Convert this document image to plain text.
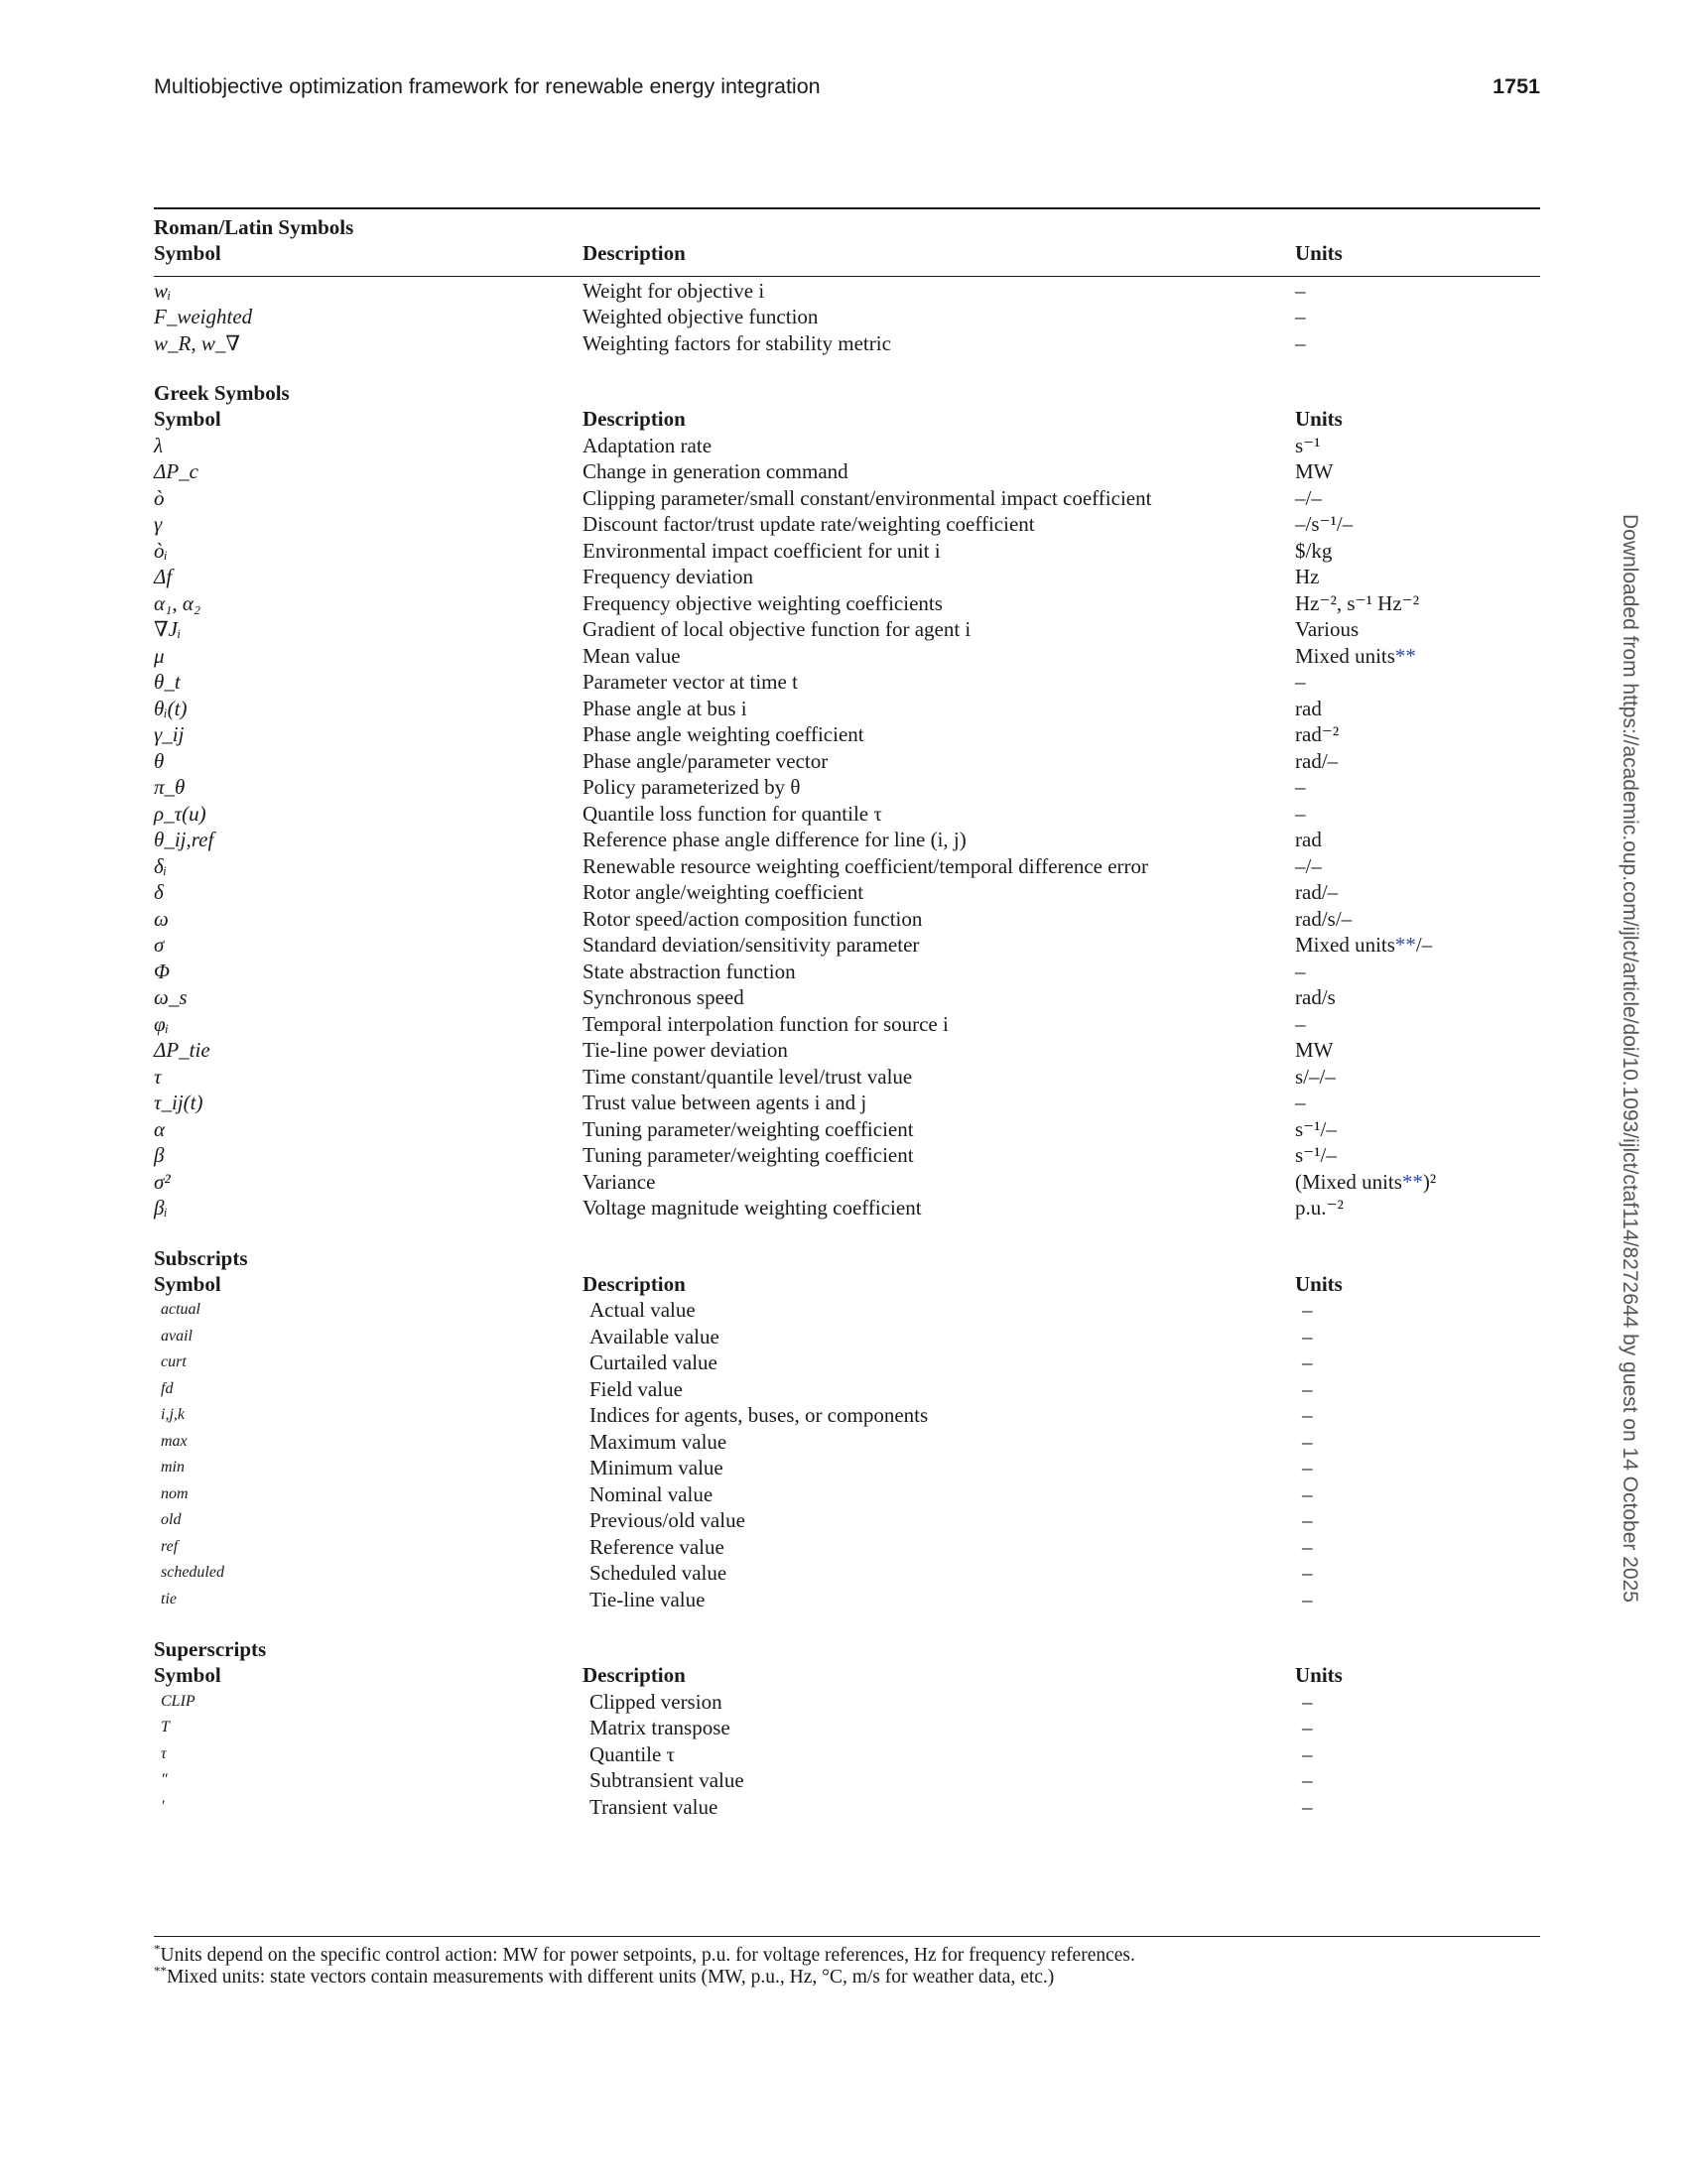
Multiobjective optimization framework for renewable energy integration	1751
Downloaded from https://academic.oup.com/ijlct/article/doi/10.1093/ijlct/ctaf114/8272644 by guest on 14 October 2025
Roman/Latin Symbols
Symbol	Description	Units
wᵢ	Weight for objective i	–
F_weighted	Weighted objective function	–
w_R, w_∇	Weighting factors for stability metric	–
Greek Symbols
Symbol	Description	Units
λ	Adaptation rate	s⁻¹
ΔP_c	Change in generation command	MW
ò	Clipping parameter/small constant/environmental impact coefficient	–/–
γ	Discount factor/trust update rate/weighting coefficient	–/s⁻¹/–
òᵢ	Environmental impact coefficient for unit i	$/kg
Δf	Frequency deviation	Hz
α₁, α₂	Frequency objective weighting coefficients	Hz⁻², s⁻¹ Hz⁻²
∇Jᵢ	Gradient of local objective function for agent i	Various
μ	Mean value	Mixed units**
θ_t	Parameter vector at time t	–
θᵢ(t)	Phase angle at bus i	rad
γ_ij	Phase angle weighting coefficient	rad⁻²
θ	Phase angle/parameter vector	rad/–
π_θ	Policy parameterized by θ	–
ρ_τ(u)	Quantile loss function for quantile τ	–
θ_ij,ref	Reference phase angle difference for line (i, j)	rad
δᵢ	Renewable resource weighting coefficient/temporal difference error	–/–
δ	Rotor angle/weighting coefficient	rad/–
ω	Rotor speed/action composition function	rad/s/–
σ	Standard deviation/sensitivity parameter	Mixed units**/–
Φ	State abstraction function	–
ω_s	Synchronous speed	rad/s
φᵢ	Temporal interpolation function for source i	–
ΔP_tie	Tie-line power deviation	MW
τ	Time constant/quantile level/trust value	s/–/–
τ_ij(t)	Trust value between agents i and j	–
α	Tuning parameter/weighting coefficient	s⁻¹/–
β	Tuning parameter/weighting coefficient	s⁻¹/–
σ²	Variance	(Mixed units**)²
βᵢ	Voltage magnitude weighting coefficient	p.u.⁻²
Subscripts
Symbol	Description	Units
actual	Actual value	–
avail	Available value	–
curt	Curtailed value	–
fd	Field value	–
i,j,k	Indices for agents, buses, or components	–
max	Maximum value	–
min	Minimum value	–
nom	Nominal value	–
old	Previous/old value	–
ref	Reference value	–
scheduled	Scheduled value	–
tie	Tie-line value	–
Superscripts
Symbol	Description	Units
CLIP	Clipped version	–
T	Matrix transpose	–
τ	Quantile τ	–
″	Subtransient value	–
′	Transient value	–
*Units depend on the specific control action: MW for power setpoints, p.u. for voltage references, Hz for frequency references.
**Mixed units: state vectors contain measurements with different units (MW, p.u., Hz, °C, m/s for weather data, etc.)
